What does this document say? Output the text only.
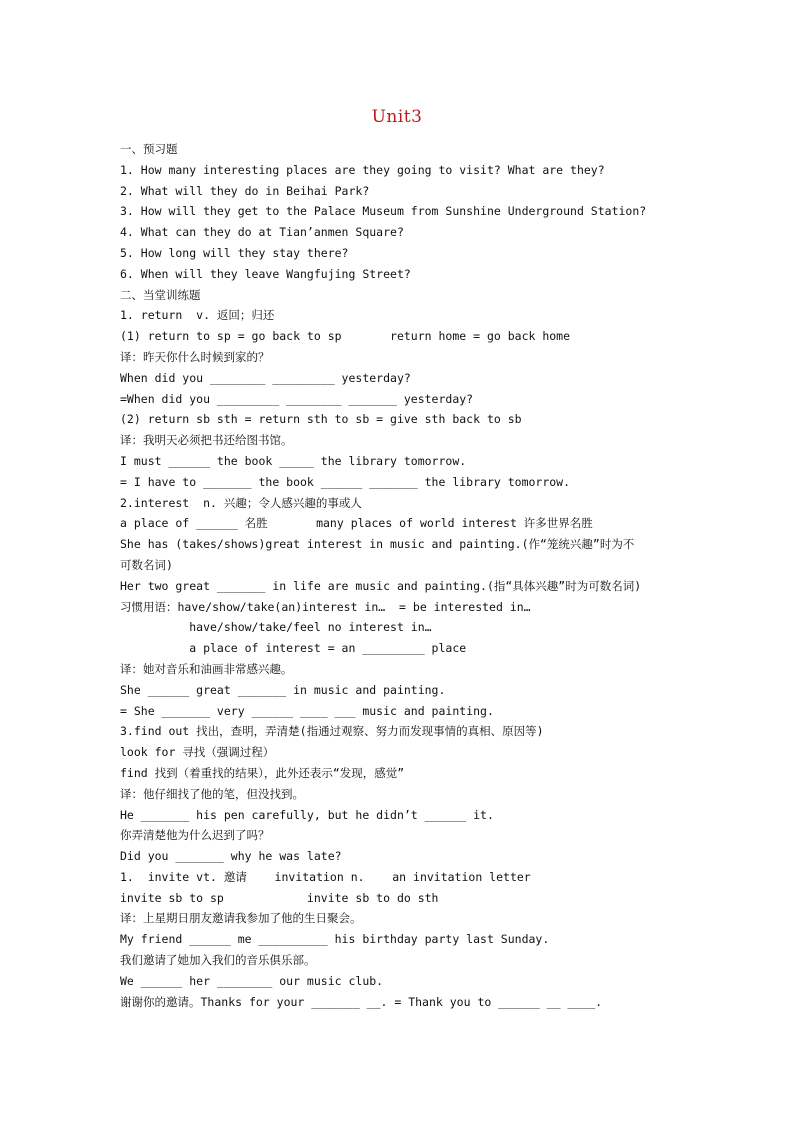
Unit3
一、预习题
1. How many interesting places are they going to visit? What are they?
2. What will they do in Beihai Park?
3. How will they get to the Palace Museum from Sunshine Underground Station?
4. What can they do at Tian’anmen Square?
5. How long will they stay there?
6. When will they leave Wangfujing Street?
二、当堂训练题
1. return  v. 返回；归还
(1) return to sp = go back to sp       return home = go back home
译：昨天你什么时候到家的？
When did you ________ _________ yesterday?
=When did you _________ ________ _______ yesterday?
(2) return sb sth = return sth to sb = give sth back to sb
译：我明天必须把书还给图书馆。
I must ______ the book _____ the library tomorrow.
= I have to _______ the book ______ _______ the library tomorrow.
2.interest  n. 兴趣；令人感兴趣的事或人
a place of ______ 名胜       many places of world interest 许多世界名胜
She has (takes/shows)great interest in music and painting.(作“笼统兴趣”时为不
可数名词)
Her two great _______ in life are music and painting.(指“具体兴趣”时为可数名词)
习惯用语：have/show/take(an)interest in…  = be interested in…
have/show/take/feel no interest in…
a place of interest = an _________ place
译：她对音乐和油画非常感兴趣。
She ______ great _______ in music and painting.
= She _______ very ______ ____ ___ music and painting.
3.find out 找出，查明，弄清楚(指通过观察、努力而发现事情的真相、原因等)
look for 寻找（强调过程）
find 找到（着重找的结果），此外还表示“发现，感觉”
译：他仔细找了他的笔，但没找到。
He _______ his pen carefully, but he didn’t ______ it.
你弄清楚他为什么迟到了吗？
Did you _______ why he was late?
1.  invite vt. 邀请    invitation n.    an invitation letter
invite sb to sp            invite sb to do sth
译：上星期日朋友邀请我参加了他的生日聚会。
My friend ______ me __________ his birthday party last Sunday.
我们邀请了她加入我们的音乐俱乐部。
We ______ her ________ our music club.
谢谢你的邀请。Thanks for your _______ __. = Thank you to ______ __ ____.
